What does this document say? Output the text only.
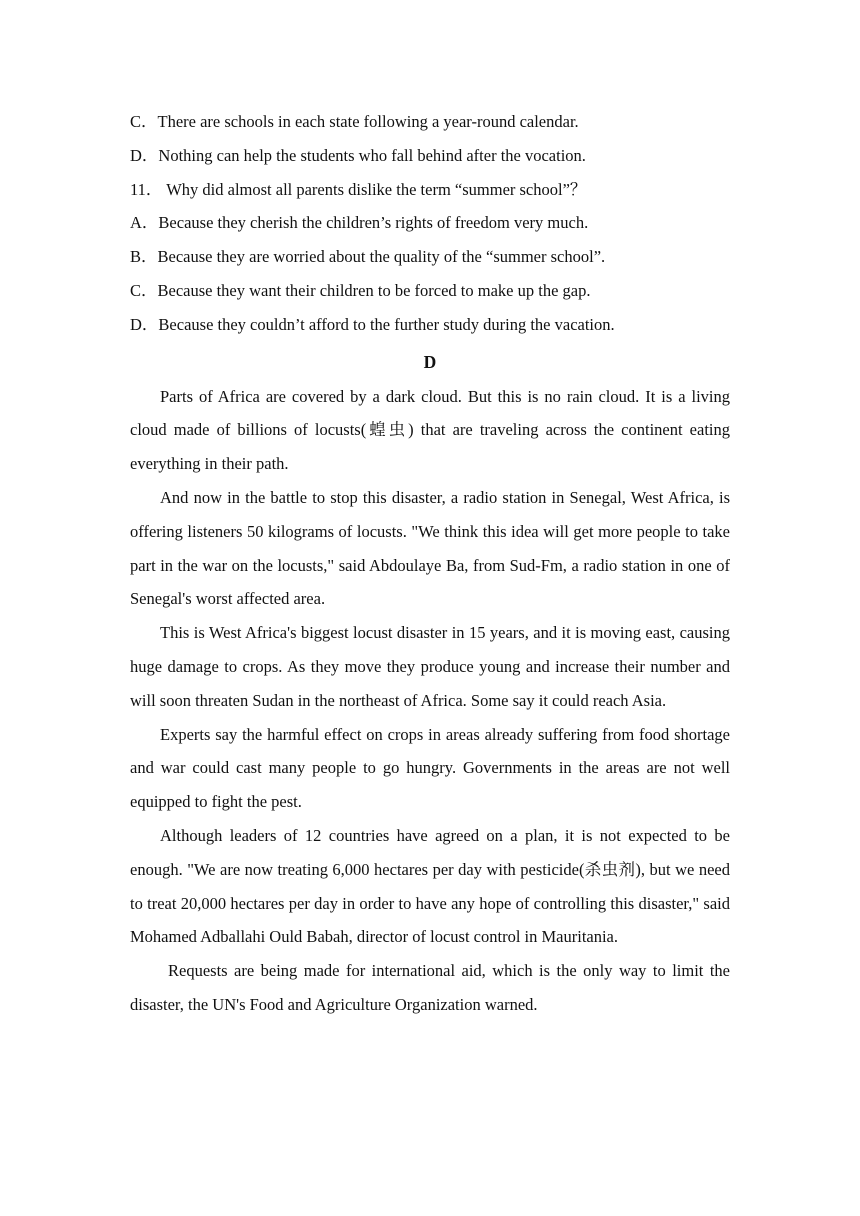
C．There are schools in each state following a year-round calendar.
D．Nothing can help the students who fall behind after the vocation.
11． Why did almost all parents dislike the term “summer school”？
A．Because they cherish the children’s rights of freedom very much.
B．Because they are worried about the quality of the “summer school”.
C．Because they want their children to be forced to make up the gap.
D．Because they couldn’t afford to the further study during the vacation.
D

Parts of Africa are covered by a dark cloud. But this is no rain cloud. It is a living cloud made of billions of locusts(蝗虫) that are traveling across the continent eating everything in their path.

And now in the battle to stop this disaster, a radio station in Senegal, West Africa, is offering listeners 50 kilograms of locusts. "We think this idea will get more people to take part in the war on the locusts," said Abdoulaye Ba, from Sud-Fm, a radio station in one of Senegal's worst affected area.

This is West Africa's biggest locust disaster in 15 years, and it is moving east, causing huge damage to crops. As they move they produce young and increase their number and will soon threaten Sudan in the northeast of Africa. Some say it could reach Asia.

Experts say the harmful effect on crops in areas already suffering from food shortage and war could cast many people to go hungry. Governments in the areas are not well equipped to fight the pest.

Although leaders of 12 countries have agreed on a plan, it is not expected to be enough. "We are now treating 6,000 hectares per day with pesticide(杀虫剂), but we need to treat 20,000 hectares per day in order to have any hope of controlling this disaster," said Mohamed Adballahi Ould Babah, director of locust control in Mauritania.

Requests are being made for international aid, which is the only way to limit the disaster, the UN's Food and Agriculture Organization warned.
